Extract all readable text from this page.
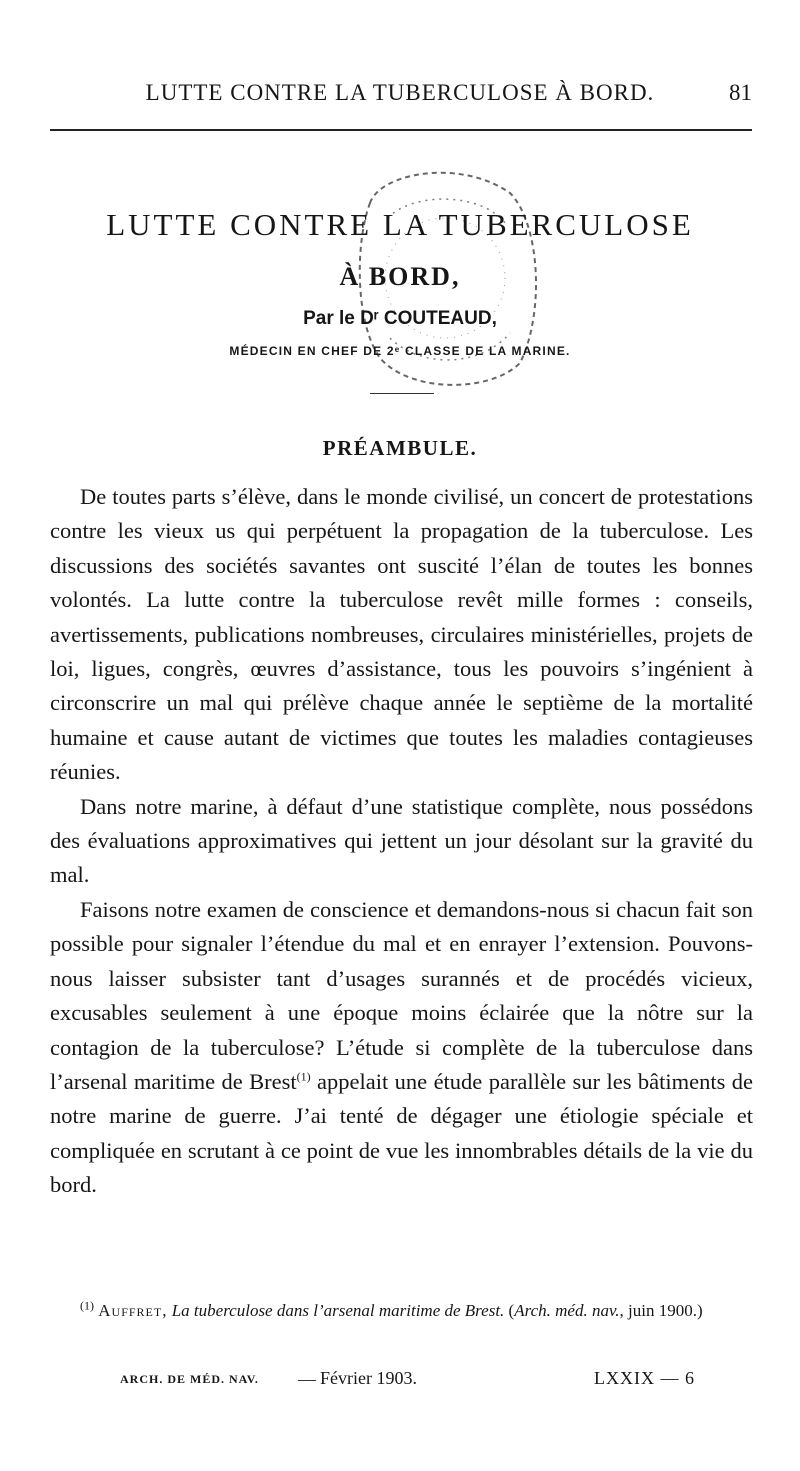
LUTTE CONTRE LA TUBERCULOSE À BORD.	81
LUTTE CONTRE LA TUBERCULOSE
À BORD,
Par le Dʳ COUTEAUD,
MÉDECIN EN CHEF DE 2ᵉ CLASSE DE LA MARINE.
PRÉAMBULE.

De toutes parts s’élève, dans le monde civilisé, un concert de protestations contre les vieux us qui perpétuent la propagation de la tuberculose. Les discussions des sociétés savantes ont suscité l’élan de toutes les bonnes volontés. La lutte contre la tuberculose revêt mille formes : conseils, avertissements, publications nombreuses, circulaires ministérielles, projets de loi, ligues, congrès, œuvres d’assistance, tous les pouvoirs s’ingénient à circonscrire un mal qui prélève chaque année le septième de la mortalité humaine et cause autant de victimes que toutes les maladies contagieuses réunies.

Dans notre marine, à défaut d’une statistique complète, nous possédons des évaluations approximatives qui jettent un jour désolant sur la gravité du mal.

Faisons notre examen de conscience et demandons-nous si chacun fait son possible pour signaler l’étendue du mal et en enrayer l’extension. Pouvons-nous laisser subsister tant d’usages surannés et de procédés vicieux, excusables seulement à une époque moins éclairée que la nôtre sur la contagion de la tuberculose? L’étude si complète de la tuberculose dans l’arsenal maritime de Brest$^{(1)}$ appelait une étude parallèle sur les bâtiments de notre marine de guerre. J’ai tenté de dégager une étiologie spéciale et compliquée en scrutant à ce point de vue les innombrables détails de la vie du bord.

$^{(1)}$ Auffret, La tuberculose dans l’arsenal maritime de Brest. (Arch. méd. nav., juin 1900.)
ARCH. DE MÉD. NAV. — Février 1903.	LXXIX — 6
